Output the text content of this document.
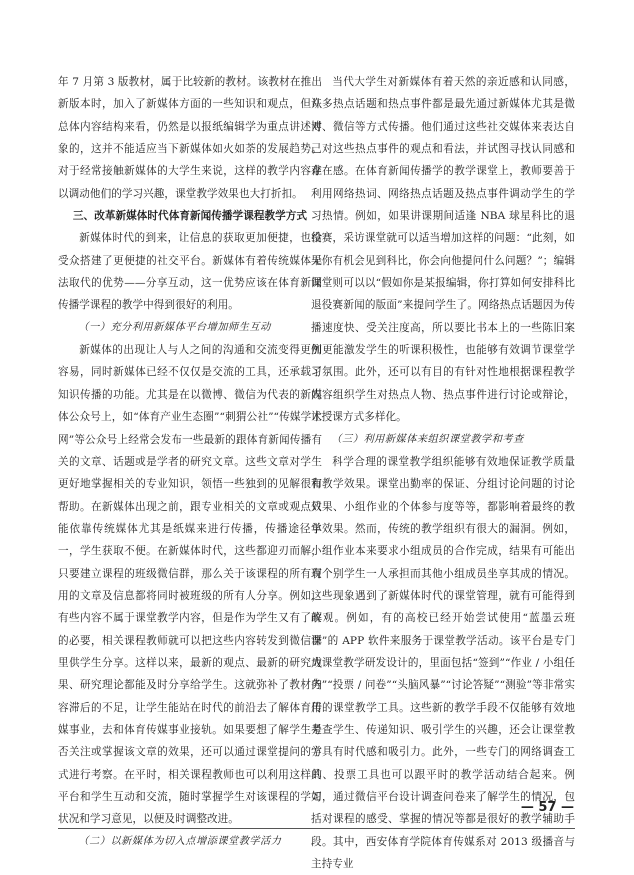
年 7 月第 3 版教材，属于比较新的教材。该教材在推出新版本时，加入了新媒体方面的一些知识和观点，但从总体内容结构来看，仍然是以报纸编辑学为重点讲述对象的，这并不能适应当下新媒体如火如荼的发展趋势。对于经常接触新媒体的大学生来说，这样的教学内容难以调动他们的学习兴趣，课堂教学效果也大打折扣。

三、改革新媒体时代体育新闻传播学课程教学方式

新媒体时代的到来，让信息的获取更加便捷，也给受众搭建了更便捷的社交平台。新媒体有着传统媒体无法取代的优势——分享互动，这一优势应该在体育新闻传播学课程的教学中得到很好的利用。

（一）充分利用新媒体平台增加师生互动

新媒体的出现让人与人之间的沟通和交流变得更加容易，同时新媒体已经不仅仅是交流的工具，还承载了知识传播的功能。尤其是在以微博、微信为代表的新媒体公众号上，如“体育产业生态圈”“刺猬公社”“传媒学术网”等公众号上经常会发布一些最新的跟体育新闻传播有关的文章、话题或是学者的研究文章。这些文章对学生更好地掌握相关的专业知识，领悟一些独到的见解很有帮助。在新媒体出现之前，跟专业相关的文章或观点只能依靠传统媒体尤其是纸媒来进行传播，传播途径单一，学生获取不便。在新媒体时代，这些都迎刃而解，只要建立课程的班级微信群，那么关于该课程的所有有用的文章及信息都将同时被班级的所有人分享。例如，有些内容不属于课堂教学内容，但是作为学生又有了解的必要，相关课程教师就可以把这些内容转发到微信群里供学生分享。这样以来，最新的观点、最新的研究成果、研究理论都能及时分享给学生。这就弥补了教材内容滞后的不足，让学生能站在时代的前沿去了解体育传媒事业，去和体育传媒事业接轨。如果要想了解学生是否关注或掌握该文章的效果，还可以通过课堂提问的方式进行考察。在平时，相关课程教师也可以利用这样的平台和学生互动和交流，随时掌握学生对该课程的学习状况和学习意见，以便及时调整改进。

（二）以新媒体为切入点增添课堂教学活力

当代大学生对新媒体有着天然的亲近感和认同感，许多热点话题和热点事件都是最先通过新媒体尤其是微博、微信等方式传播。他们通过这些社交媒体来表达自己对这些热点事件的观点和看法，并试图寻找认同感和存在感。在体育新闻传播学的教学课堂上，教师要善于利用网络热词、网络热点话题及热点事件调动学生的学习热情。例如，如果讲课期间适逢 NBA 球星科比的退役赛，采访课堂就可以适当增加这样的问题：“此刻，如果你有机会见到科比，你会向他提问什么问题？”；编辑课堂则可以以“假如你是某报编辑，你打算如何安排科比退役赛新闻的版面”来提问学生了。网络热点话题因为传播速度快、受关注度高，所以要比书本上的一些陈旧案例更能激发学生的听课积极性，也能够有效调节课堂学习氛围。此外，还可以有目的有针对性地根据课程教学内容组织学生对热点人物、热点事件进行讨论或辩论，让授课方式多样化。

（三）利用新媒体来组织课堂教学和考查

科学合理的课堂教学组织能够有效地保证教学质量和教学效果。课堂出勤率的保证、分组讨论问题的讨论效果、小组作业的个体参与度等等，都影响着最终的教学效果。然而，传统的教学组织有很大的漏洞。例如，小组作业本来要求小组成员的合作完成，结果有可能出现个别学生一人承担而其他小组成员坐享其成的情况。这些现象遇到了新媒体时代的课堂管理，就有可能得到改观。例如，有的高校已经开始尝试使用“蓝墨云班课”的 APP 软件来服务于课堂教学活动。该平台是专门为课堂教学研发设计的，里面包括“签到”“作业 / 小组任务”“投票 / 问卷”“头脑风暴”“讨论答疑”“测验”等非常实用的课堂教学工具。这些新的教学手段不仅能够有效地考查学生、传递知识、吸引学生的兴趣，还会让课堂教学具有时代感和吸引力。此外，一些专门的网络调查工具、投票工具也可以跟平时的教学活动结合起来。例如，通过微信平台设计调查问卷来了解学生的情况，包括对课程的感受、掌握的情况等都是很好的教学辅助手段。其中，西安体育学院体育传媒系对 2013 级播音与主持专业

— 57 —
